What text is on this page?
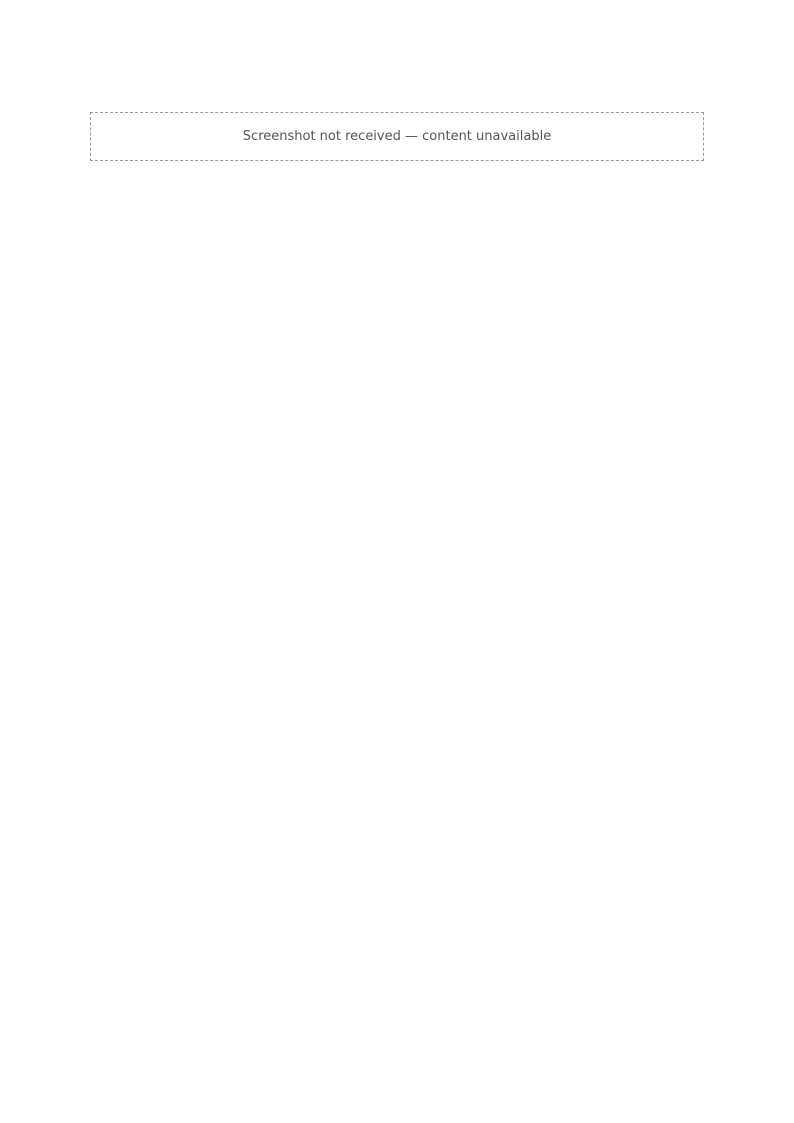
Screenshot not received — content unavailable
